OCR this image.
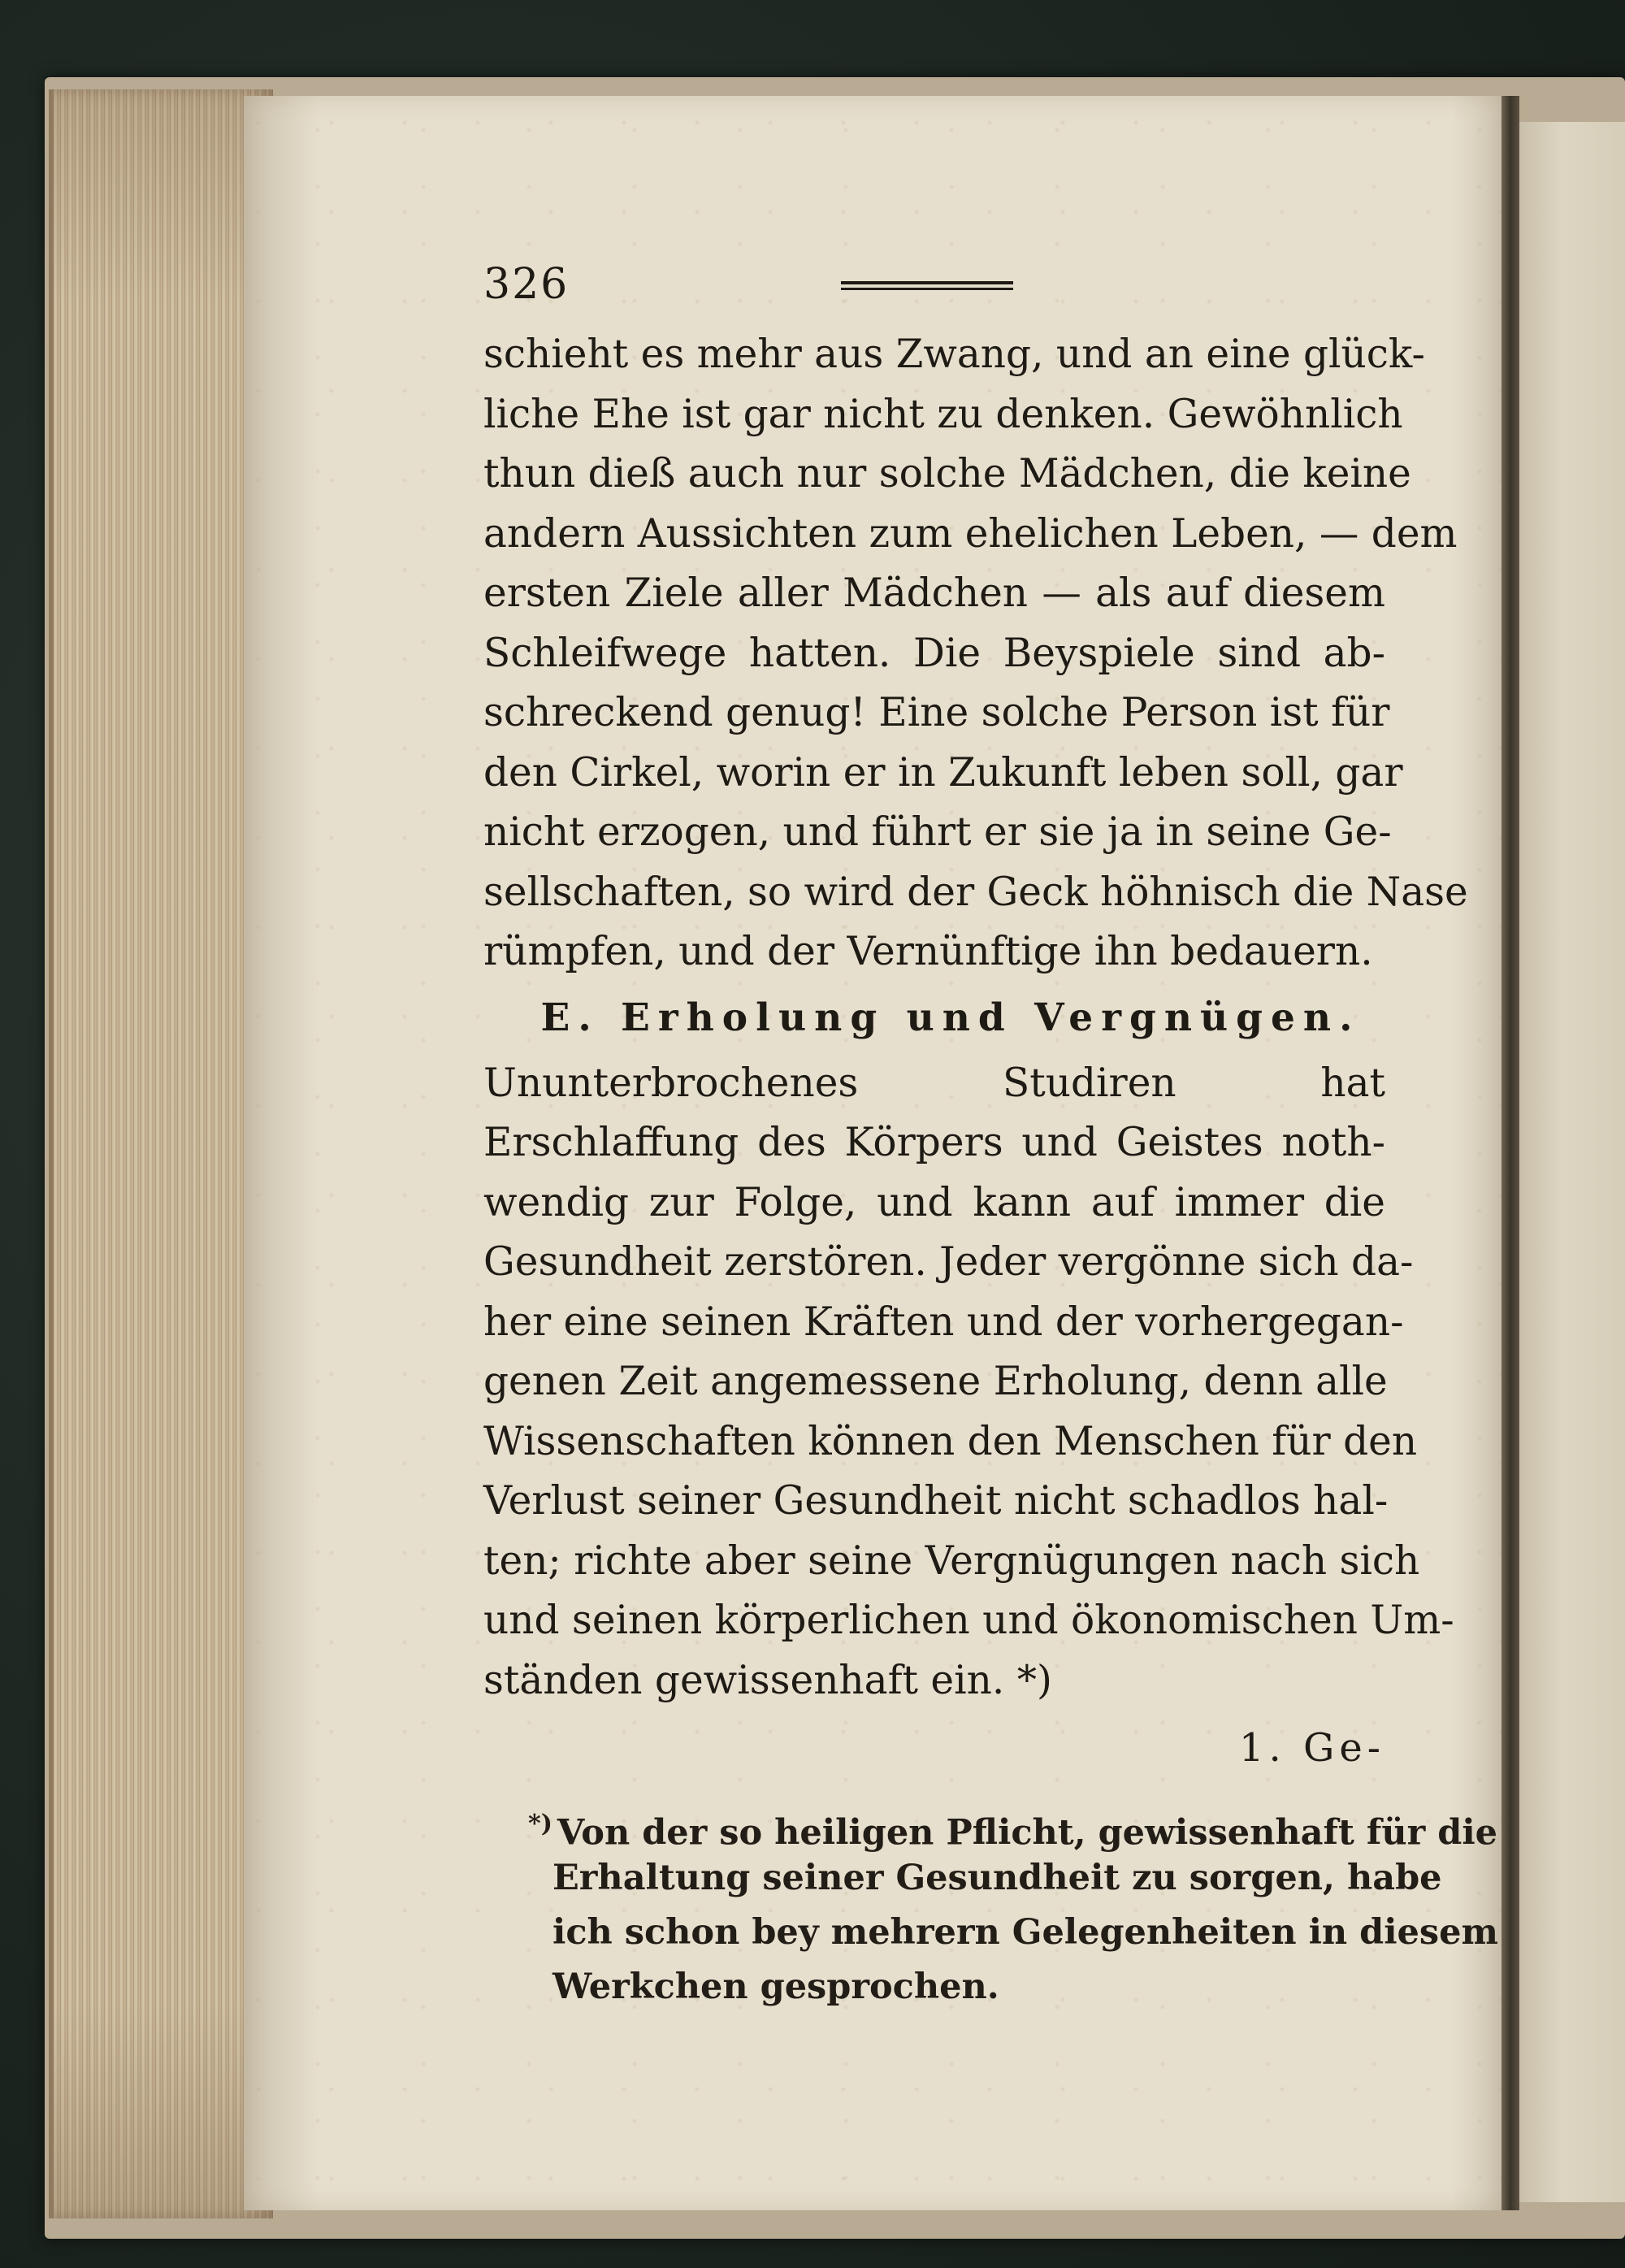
326
schieht es mehr aus Zwang, und an eine glück-
liche Ehe ist gar nicht zu denken. Gewöhnlich
thun dieß auch nur solche Mädchen, die keine
andern Aussichten zum ehelichen Leben, — dem
ersten Ziele aller Mädchen — als auf diesem
Schleifwege hatten. Die Beyspiele sind ab-
schreckend genug! Eine solche Person ist für
den Cirkel, worin er in Zukunft leben soll, gar
nicht erzogen, und führt er sie ja in seine Ge-
sellschaften, so wird der Geck höhnisch die Nase
rümpfen, und der Vernünftige ihn bedauern.
E. Erholung und Vergnügen.
Ununterbrochenes Studiren hat
Erschlaffung des Körpers und Geistes noth-
wendig zur Folge, und kann auf immer die
Gesundheit zerstören. Jeder vergönne sich da-
her eine seinen Kräften und der vorhergegan-
genen Zeit angemessene Erholung, denn alle
Wissenschaften können den Menschen für den
Verlust seiner Gesundheit nicht schadlos hal-
ten; richte aber seine Vergnügungen nach sich
und seinen körperlichen und ökonomischen Um-
ständen gewissenhaft ein. *)
1. Ge-
*) Von der so heiligen Pflicht, gewissenhaft für die
Erhaltung seiner Gesundheit zu sorgen, habe
ich schon bey mehrern Gelegenheiten in diesem
Werkchen gesprochen.
